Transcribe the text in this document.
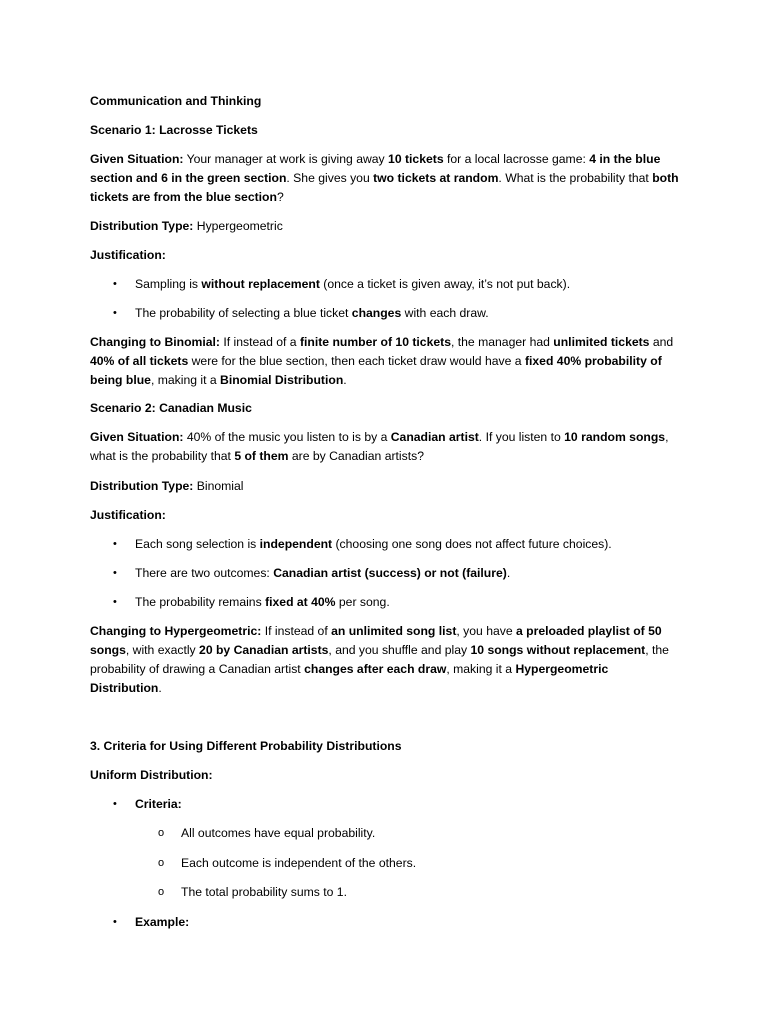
Communication and Thinking

Scenario 1: Lacrosse Tickets

Given Situation: Your manager at work is giving away 10 tickets for a local lacrosse game: 4 in the blue section and 6 in the green section. She gives you two tickets at random. What is the probability that both tickets are from the blue section?

Distribution Type: Hypergeometric

Justification:

• Sampling is without replacement (once a ticket is given away, it’s not put back).

• The probability of selecting a blue ticket changes with each draw.

Changing to Binomial: If instead of a finite number of 10 tickets, the manager had unlimited tickets and 40% of all tickets were for the blue section, then each ticket draw would have a fixed 40% probability of being blue, making it a Binomial Distribution.

Scenario 2: Canadian Music

Given Situation: 40% of the music you listen to is by a Canadian artist. If you listen to 10 random songs, what is the probability that 5 of them are by Canadian artists?

Distribution Type: Binomial

Justification:

• Each song selection is independent (choosing one song does not affect future choices).

• There are two outcomes: Canadian artist (success) or not (failure).

• The probability remains fixed at 40% per song.

Changing to Hypergeometric: If instead of an unlimited song list, you have a preloaded playlist of 50 songs, with exactly 20 by Canadian artists, and you shuffle and play 10 songs without replacement, the probability of drawing a Canadian artist changes after each draw, making it a Hypergeometric Distribution.

3. Criteria for Using Different Probability Distributions

Uniform Distribution:

• Criteria:

o All outcomes have equal probability.

o Each outcome is independent of the others.

o The total probability sums to 1.

• Example:
